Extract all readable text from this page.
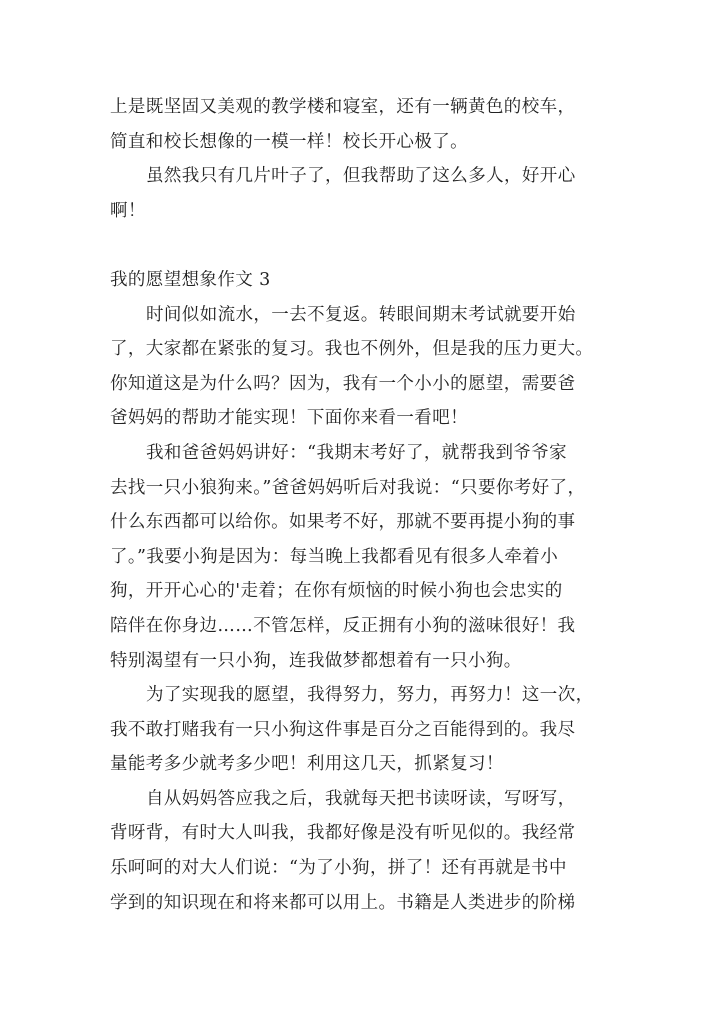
上是既坚固又美观的教学楼和寝室，还有一辆黄色的校车，
简直和校长想像的一模一样！校长开心极了。
虽然我只有几片叶子了，但我帮助了这么多人，好开心
啊！
我的愿望想象作文 3
时间似如流水，一去不复返。转眼间期末考试就要开始
了，大家都在紧张的复习。我也不例外，但是我的压力更大。
你知道这是为什么吗？因为，我有一个小小的愿望，需要爸
爸妈妈的帮助才能实现！下面你来看一看吧！
我和爸爸妈妈讲好：“我期末考好了，就帮我到爷爷家
去找一只小狼狗来。”爸爸妈妈听后对我说：“只要你考好了，
什么东西都可以给你。如果考不好，那就不要再提小狗的事
了。”我要小狗是因为：每当晚上我都看见有很多人牵着小
狗，开开心心的'走着；在你有烦恼的时候小狗也会忠实的
陪伴在你身边……不管怎样，反正拥有小狗的滋味很好！我
特别渴望有一只小狗，连我做梦都想着有一只小狗。
为了实现我的愿望，我得努力，努力，再努力！这一次，
我不敢打赌我有一只小狗这件事是百分之百能得到的。我尽
量能考多少就考多少吧！利用这几天，抓紧复习！
自从妈妈答应我之后，我就每天把书读呀读，写呀写，
背呀背，有时大人叫我，我都好像是没有听见似的。我经常
乐呵呵的对大人们说：“为了小狗，拼了！还有再就是书中
学到的知识现在和将来都可以用上。书籍是人类进步的阶梯
